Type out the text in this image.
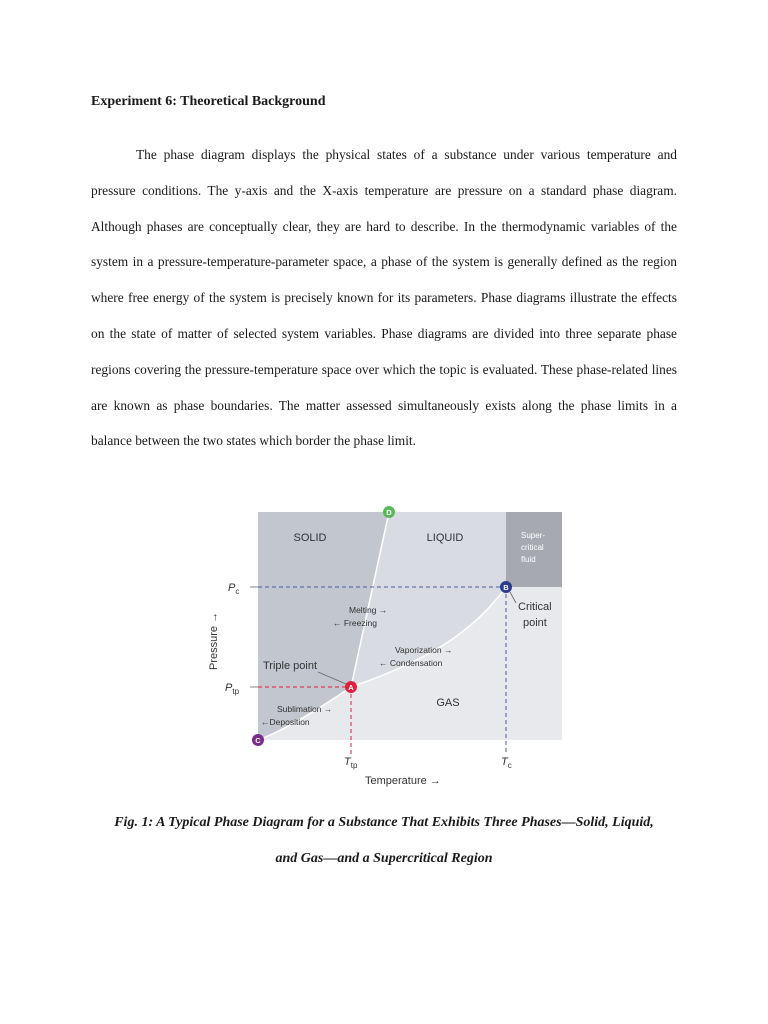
Experiment 6: Theoretical Background

The phase diagram displays the physical states of a substance under various temperature and pressure conditions. The y-axis and the X-axis temperature are pressure on a standard phase diagram. Although phases are conceptually clear, they are hard to describe. In the thermodynamic variables of the system in a pressure-temperature-parameter space, a phase of the system is generally defined as the region where free energy of the system is precisely known for its parameters. Phase diagrams illustrate the effects on the state of matter of selected system variables. Phase diagrams are divided into three separate phase regions covering the pressure-temperature space over which the topic is evaluated. These phase-related lines are known as phase boundaries. The matter assessed simultaneously exists along the phase limits in a balance between the two states which border the phase limit.

SOLID	LIQUID
GAS
Super-
critical
fluid
Melting →
← Freezing
Vaporization →
← Condensation
Sublimation →
←Deposition
Triple point
Critical
point
Pressure →
Temperature →
$P_c$
$P_{tp}$
$T_{tp}$	$T_c$
A
B
C
D

Fig. 1: A Typical Phase Diagram for a Substance That Exhibits Three Phases—Solid, Liquid,

and Gas—and a Supercritical Region
